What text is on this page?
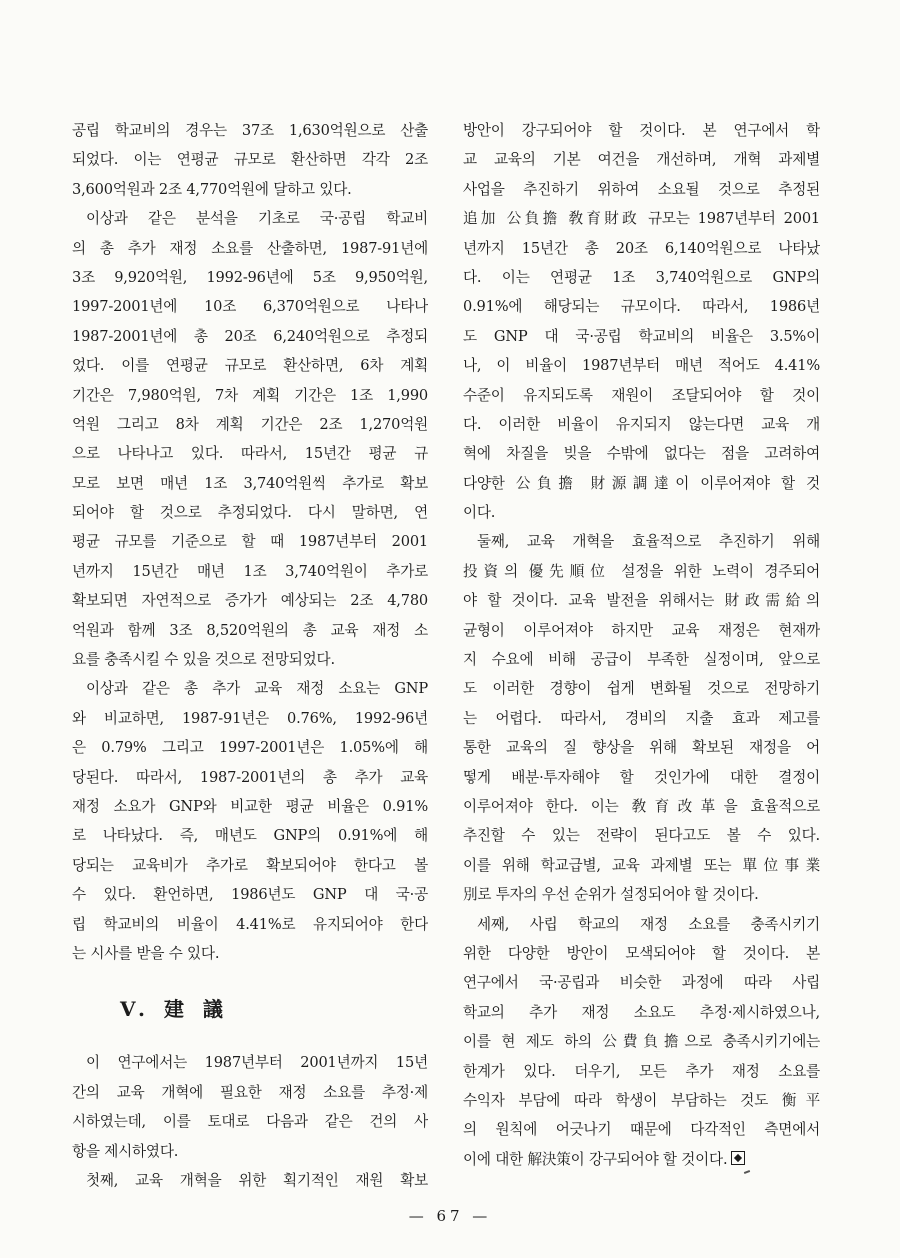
공립 학교비의 경우는 37조 1,630억원으로 산출
되었다. 이는 연평균 규모로 환산하면 각각 2조
3,600억원과 2조 4,770억원에 달하고 있다.
이상과 같은 분석을 기초로 국·공립 학교비
의 총 추가 재정 소요를 산출하면, 1987-91년에
3조 9,920억원, 1992-96년에 5조 9,950억원,
1997-2001년에 10조 6,370억원으로 나타나
1987-2001년에 총 20조 6,240억원으로 추정되
었다. 이를 연평균 규모로 환산하면, 6차 계획
기간은 7,980억원, 7차 계획 기간은 1조 1,990
억원 그리고 8차 계획 기간은 2조 1,270억원
으로 나타나고 있다. 따라서, 15년간 평균 규
모로 보면 매년 1조 3,740억원씩 추가로 확보
되어야 할 것으로 추정되었다. 다시 말하면, 연
평균 규모를 기준으로 할 때 1987년부터 2001
년까지 15년간 매년 1조 3,740억원이 추가로
확보되면 자연적으로 증가가 예상되는 2조 4,780
억원과 함께 3조 8,520억원의 총 교육 재정 소
요를 충족시킬 수 있을 것으로 전망되었다.
이상과 같은 총 추가 교육 재정 소요는 GNP
와 비교하면, 1987-91년은 0.76%, 1992-96년
은 0.79% 그리고 1997-2001년은 1.05%에 해
당된다. 따라서, 1987-2001년의 총 추가 교육
재정 소요가 GNP와 비교한 평균 비율은 0.91%
로 나타났다. 즉, 매년도 GNP의 0.91%에 해
당되는 교육비가 추가로 확보되어야 한다고 볼
수 있다. 환언하면, 1986년도 GNP 대 국·공
립 학교비의 비율이 4.41%로 유지되어야 한다
는 시사를 받을 수 있다.
V. 建 議
이 연구에서는 1987년부터 2001년까지 15년
간의 교육 개혁에 필요한 재정 소요를 추정·제
시하였는데, 이를 토대로 다음과 같은 건의 사
항을 제시하였다.
첫째, 교육 개혁을 위한 획기적인 재원 확보
방안이 강구되어야 할 것이다. 본 연구에서 학
교 교육의 기본 여건을 개선하며, 개혁 과제별
사업을 추진하기 위하여 소요될 것으로 추정된
追加 公負擔 敎育財政 규모는 1987년부터 2001
년까지 15년간 총 20조 6,140억원으로 나타났
다. 이는 연평균 1조 3,740억원으로 GNP의
0.91%에 해당되는 규모이다. 따라서, 1986년
도 GNP 대 국·공립 학교비의 비율은 3.5%이
나, 이 비율이 1987년부터 매년 적어도 4.41%
수준이 유지되도록 재원이 조달되어야 할 것이
다. 이러한 비율이 유지되지 않는다면 교육 개
혁에 차질을 빚을 수밖에 없다는 점을 고려하여
다양한 公負擔 財源調達이 이루어져야 할 것
이다.
둘째, 교육 개혁을 효율적으로 추진하기 위해
投資의 優先順位 설정을 위한 노력이 경주되어
야 할 것이다. 교육 발전을 위해서는 財政需給의
균형이 이루어져야 하지만 교육 재정은 현재까
지 수요에 비해 공급이 부족한 실정이며, 앞으로
도 이러한 경향이 쉽게 변화될 것으로 전망하기
는 어렵다. 따라서, 경비의 지출 효과 제고를
통한 교육의 질 향상을 위해 확보된 재정을 어
떻게 배분·투자해야 할 것인가에 대한 결정이
이루어져야 한다. 이는 敎育改革을 효율적으로
추진할 수 있는 전략이 된다고도 볼 수 있다.
이를 위해 학교급별, 교육 과제별 또는 單位事業
別로 투자의 우선 순위가 설정되어야 할 것이다.
세째, 사립 학교의 재정 소요를 충족시키기
위한 다양한 방안이 모색되어야 할 것이다. 본
연구에서 국·공립과 비슷한 과정에 따라 사립
학교의 추가 재정 소요도 추정·제시하였으나,
이를 현 제도 하의 公費負擔으로 충족시키기에는
한계가 있다. 더우기, 모든 추가 재정 소요를
수익자 부담에 따라 학생이 부담하는 것도 衡平
의 원칙에 어긋나기 때문에 다각적인 측면에서
이에 대한 解決策이 강구되어야 할 것이다.
— 67 —
